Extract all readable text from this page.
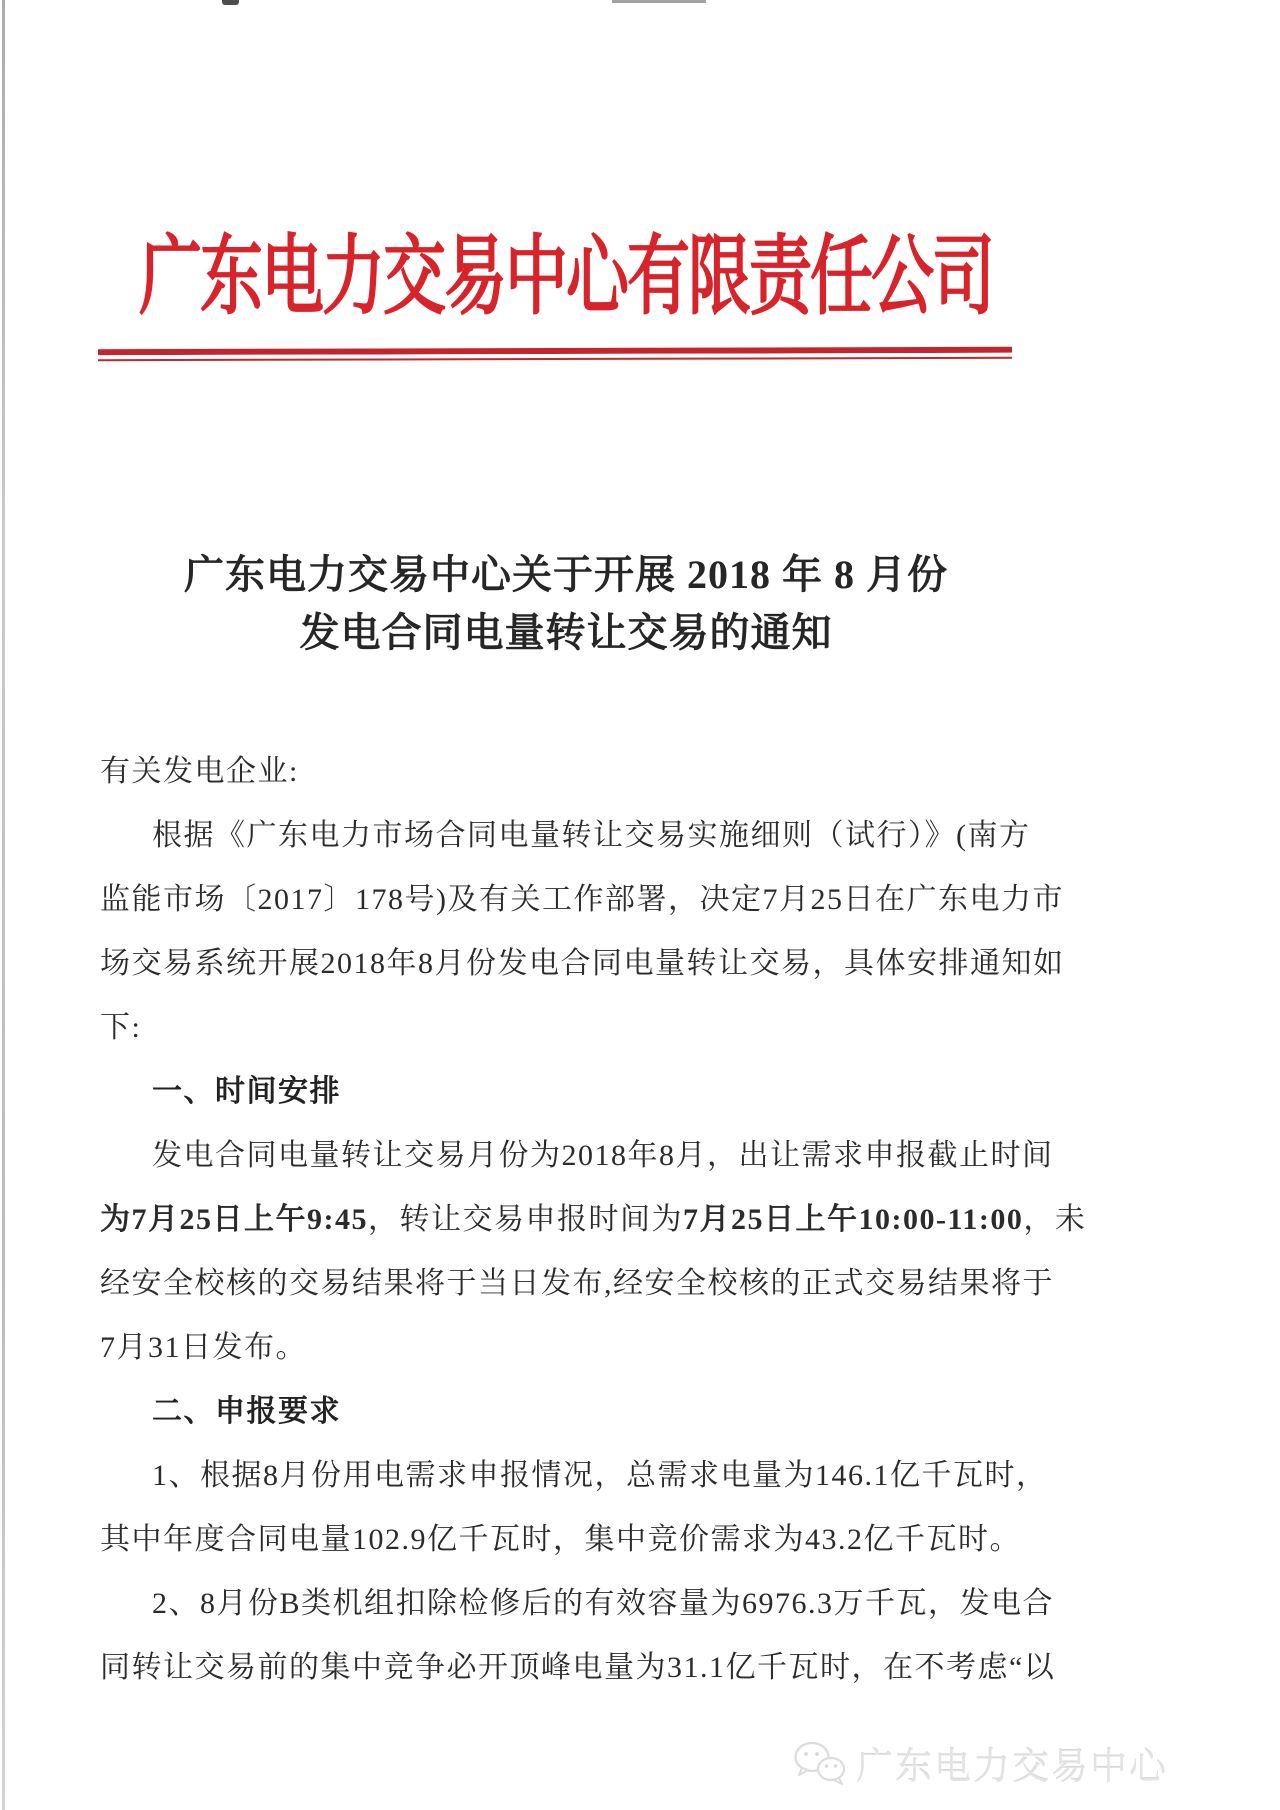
广东电力交易中心有限责任公司
广东电力交易中心关于开展 2018 年 8 月份
发电合同电量转让交易的通知
有关发电企业:
根据《广东电力市场合同电量转让交易实施细则（试行）》(南方
监能市场〔2017〕178号)及有关工作部署，决定7月25日在广东电力市
场交易系统开展2018年8月份发电合同电量转让交易，具体安排通知如
下:
一、时间安排
发电合同电量转让交易月份为2018年8月，出让需求申报截止时间
为7月25日上午9:45，转让交易申报时间为7月25日上午10:00-11:00，未
经安全校核的交易结果将于当日发布,经安全校核的正式交易结果将于
7月31日发布。
二、申报要求
1、根据8月份用电需求申报情况，总需求电量为146.1亿千瓦时，
其中年度合同电量102.9亿千瓦时，集中竞价需求为43.2亿千瓦时。
2、8月份B类机组扣除检修后的有效容量为6976.3万千瓦，发电合
同转让交易前的集中竞争必开顶峰电量为31.1亿千瓦时，在不考虑“以
广东电力交易中心
